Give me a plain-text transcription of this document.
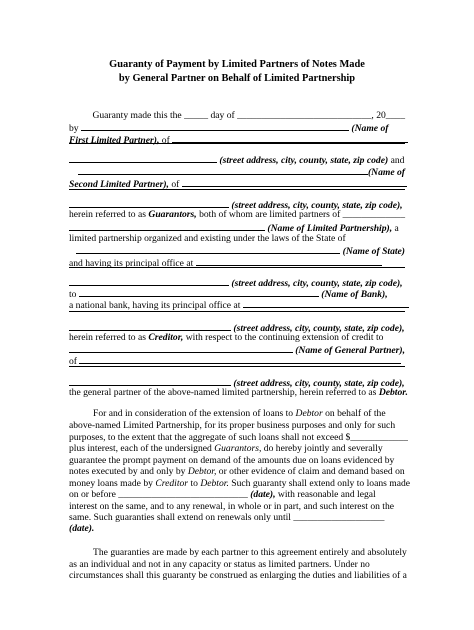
Guaranty of Payment by Limited Partners of Notes Made
by General Partner on Behalf of Limited Partnership
Guaranty made this the _____ day of ____________________________, 20____
by	(Name of
First Limited Partner), of
(street address, city, county, state, zip code) and
(Name of
Second Limited Partner), of
(street address, city, county, state, zip code),
herein referred to as Guarantors, both of whom are limited partners of _____________
(Name of Limited Partnership), a
limited partnership organized and existing under the laws of the State of
(Name of State)
and having its principal office at
(street address, city, county, state, zip code),
to	(Name of Bank),
a national bank, having its principal office at
(street address, city, county, state, zip code),
herein referred to as Creditor, with respect to the continuing extension of credit to
(Name of General Partner),
of
(street address, city, county, state, zip code),
the general partner of the above-named limited partnership, herein referred to as Debtor.
For and in consideration of the extension of loans to Debtor on behalf of the
above-named Limited Partnership, for its proper business purposes and only for such
purposes, to the extent that the aggregate of such loans shall not exceed $____________
plus interest, each of the undersigned Guarantors, do hereby jointly and severally
guarantee the prompt payment on demand of the amounts due on loans evidenced by
notes executed by and only by Debtor, or other evidence of claim and demand based on
money loans made by Creditor to Debtor. Such guaranty shall extend only to loans made
on or before ___________________________ (date), with reasonable and legal
interest on the same, and to any renewal, in whole or in part, and such interest on the
same. Such guaranties shall extend on renewals only until ___________________
(date).
The guaranties are made by each partner to this agreement entirely and absolutely
as an individual and not in any capacity or status as limited partners. Under no
circumstances shall this guaranty be construed as enlarging the duties and liabilities of a
